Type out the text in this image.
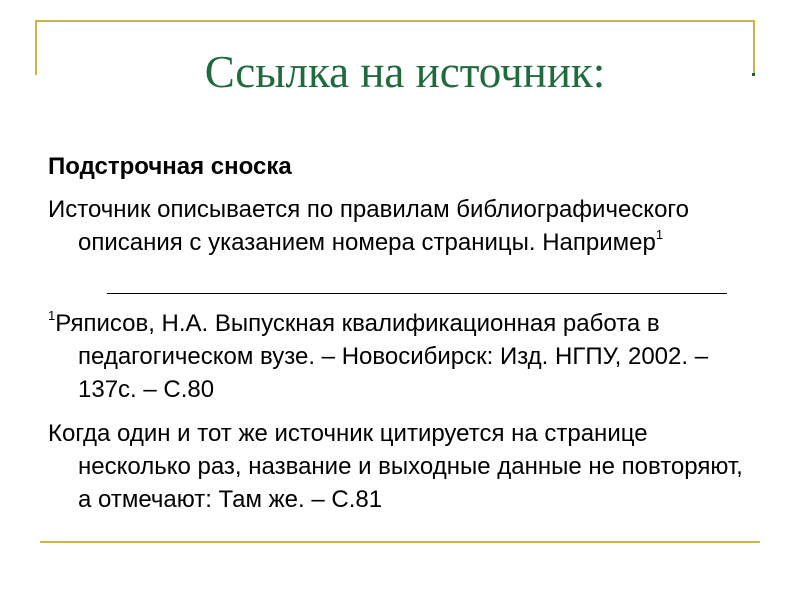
Ссылка на источник:
Подстрочная сноска
Источник описывается по правилам библиографического описания с указанием номера страницы. Например$^1$
$^1$Ряписов, Н.А. Выпускная квалификационная работа в педагогическом вузе. – Новосибирск: Изд. НГПУ, 2002. – 137с. – С.80
Когда один и тот же источник цитируется на странице несколько раз, название и выходные данные не повторяют, а отмечают: Там же. – С.81
